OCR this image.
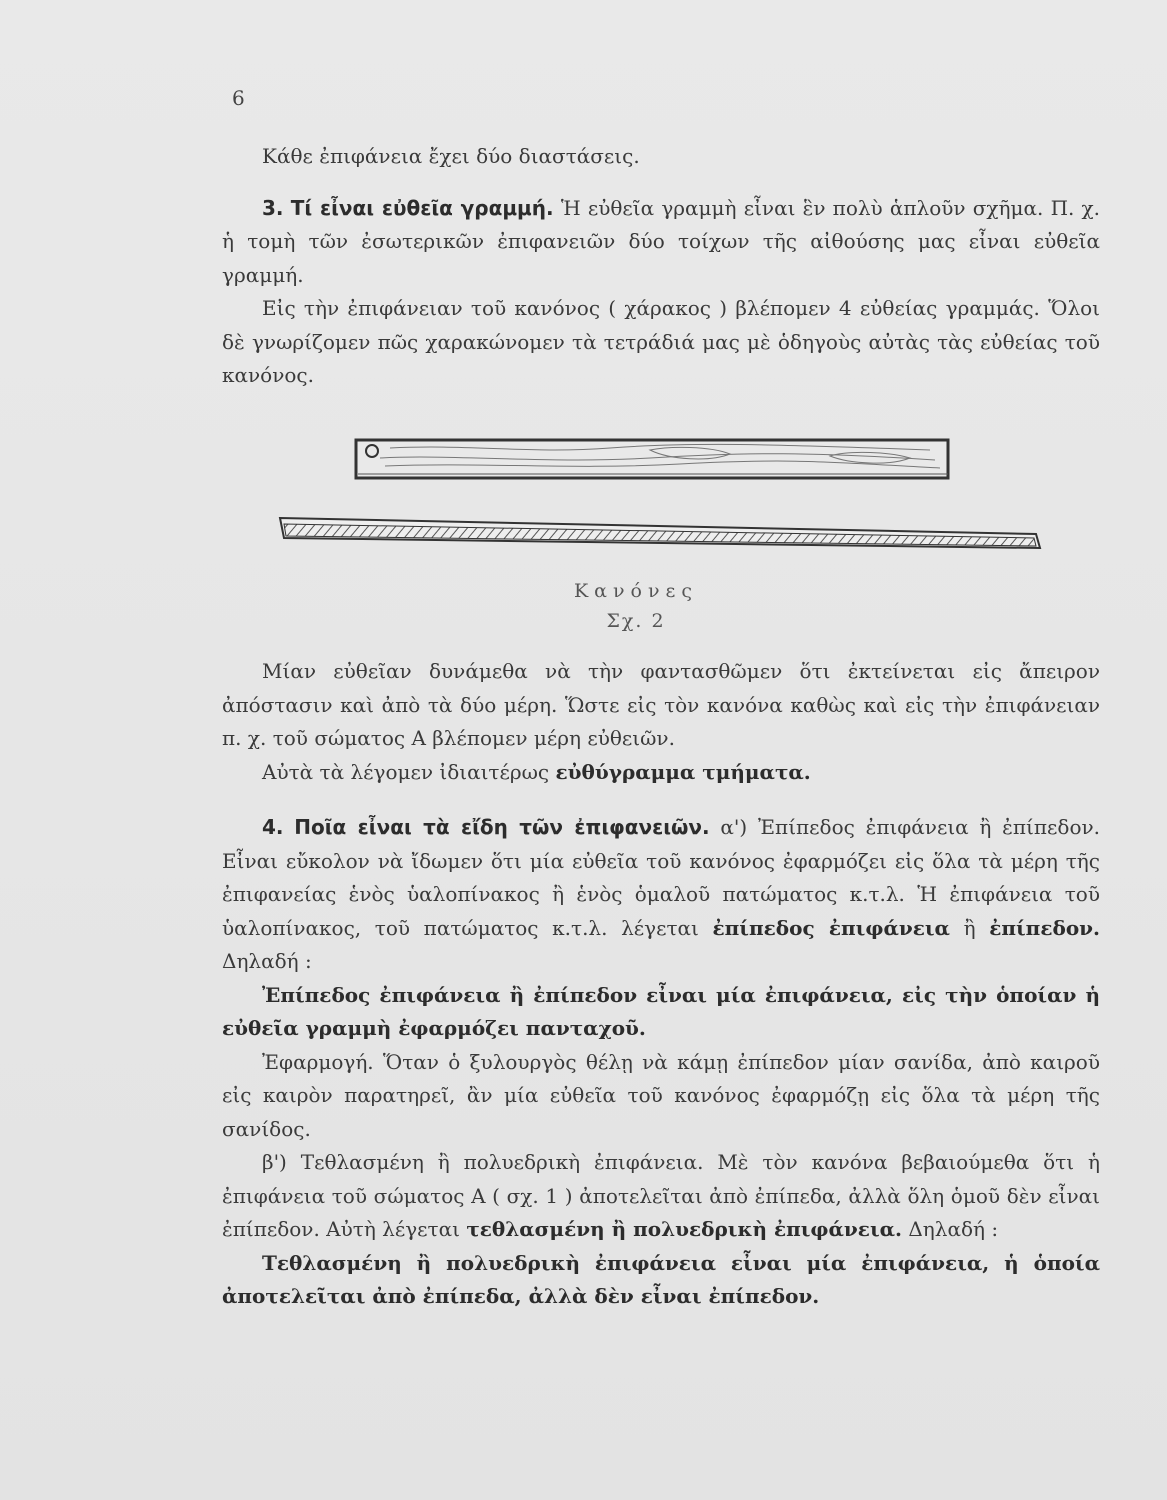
6

Κάθε ἐπιφάνεια ἔχει δύο διαστάσεις.

3. Τί εἶναι εὐθεῖα γραμμή. Ἡ εὐθεῖα γραμμὴ εἶναι ἓν πολὺ ἁπλοῦν σχῆμα. Π. χ. ἡ τομὴ τῶν ἐσωτερικῶν ἐπιφανειῶν δύο τοίχων τῆς αἰθούσης μας εἶναι εὐθεῖα γραμμή.

Εἰς τὴν ἐπιφάνειαν τοῦ κανόνος ( χάρακος ) βλέπομεν 4 εὐθείας γραμμάς. Ὅλοι δὲ γνωρίζομεν πῶς χαρακώνομεν τὰ τετράδιά μας μὲ ὁδηγοὺς αὐτὰς τὰς εὐθείας τοῦ κανόνος.

Κανόνες
Σχ. 2

Μίαν εὐθεῖαν δυνάμεθα νὰ τὴν φαντασθῶμεν ὅτι ἐκτείνεται εἰς ἄπειρον ἀπόστασιν καὶ ἀπὸ τὰ δύο μέρη. Ὥστε εἰς τὸν κανόνα καθὼς καὶ εἰς τὴν ἐπιφάνειαν π. χ. τοῦ σώματος Α βλέπομεν μέρη εὐθειῶν.

Αὐτὰ τὰ λέγομεν ἰδιαιτέρως εὐθύγραμμα τμήματα.

4. Ποῖα εἶναι τὰ εἴδη τῶν ἐπιφανειῶν. α') Ἐπίπεδος ἐπιφάνεια ἢ ἐπίπεδον. Εἶναι εὔκολον νὰ ἴδωμεν ὅτι μία εὐθεῖα τοῦ κανόνος ἐφαρμόζει εἰς ὅλα τὰ μέρη τῆς ἐπιφανείας ἑνὸς ὑαλοπίνακος ἢ ἑνὸς ὁμαλοῦ πατώματος κ.τ.λ. Ἡ ἐπιφάνεια τοῦ ὑαλοπίνακος, τοῦ πατώματος κ.τ.λ. λέγεται ἐπίπεδος ἐπιφάνεια ἢ ἐπίπεδον. Δηλαδή :

Ἐπίπεδος ἐπιφάνεια ἢ ἐπίπεδον εἶναι μία ἐπιφάνεια, εἰς τὴν ὁποίαν ἡ εὐθεῖα γραμμὴ ἐφαρμόζει πανταχοῦ.

Ἐφαρμογή. Ὅταν ὁ ξυλουργὸς θέλῃ νὰ κάμῃ ἐπίπεδον μίαν σανίδα, ἀπὸ καιροῦ εἰς καιρὸν παρατηρεῖ, ἂν μία εὐθεῖα τοῦ κανόνος ἐφαρμόζῃ εἰς ὅλα τὰ μέρη τῆς σανίδος.

β') Τεθλασμένη ἢ πολυεδρικὴ ἐπιφάνεια. Μὲ τὸν κανόνα βεβαιούμεθα ὅτι ἡ ἐπιφάνεια τοῦ σώματος Α ( σχ. 1 ) ἀποτελεῖται ἀπὸ ἐπίπεδα, ἀλλὰ ὅλη ὁμοῦ δὲν εἶναι ἐπίπεδον. Αὐτὴ λέγεται τεθλασμένη ἢ πολυεδρικὴ ἐπιφάνεια. Δηλαδή :

Τεθλασμένη ἢ πολυεδρικὴ ἐπιφάνεια εἶναι μία ἐπιφάνεια, ἡ ὁποία ἀποτελεῖται ἀπὸ ἐπίπεδα, ἀλλὰ δὲν εἶναι ἐπίπεδον.
